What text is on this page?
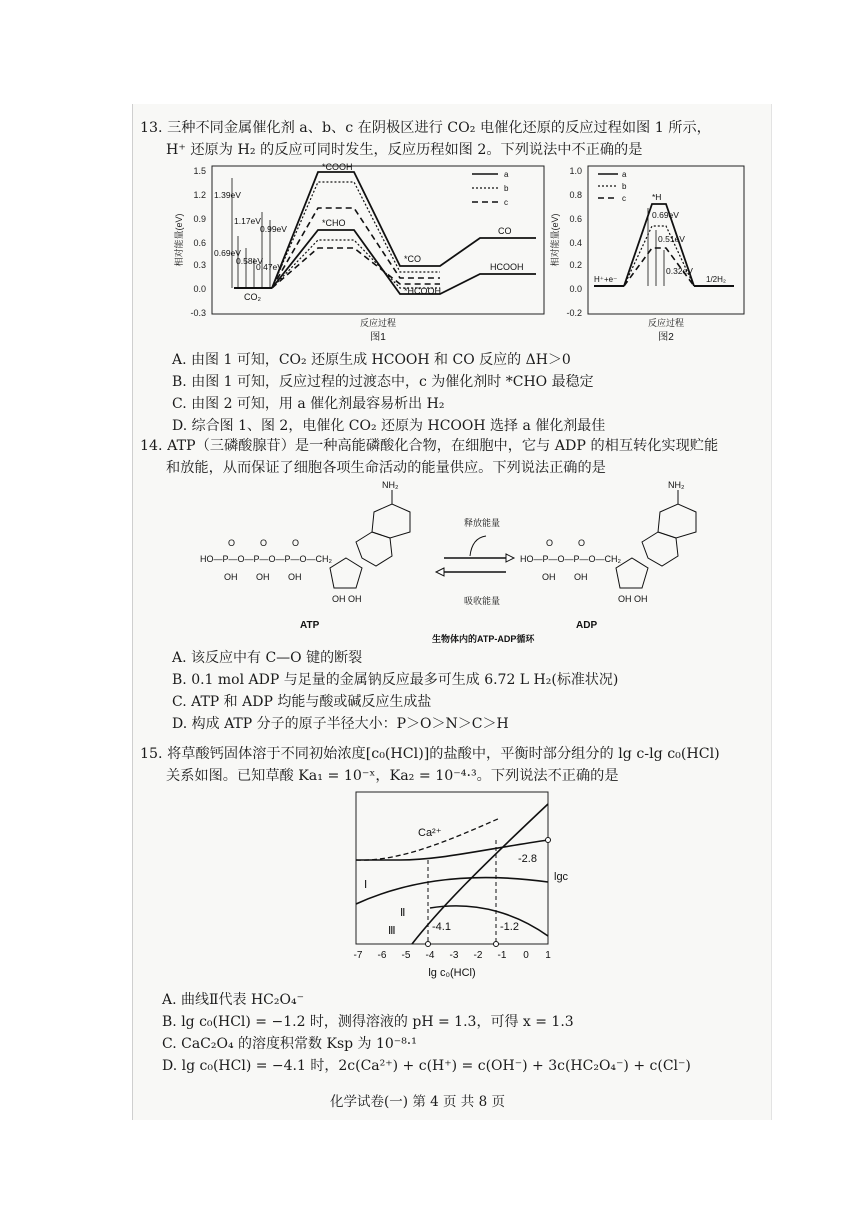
13. 三种不同金属催化剂 a、b、c 在阴极区进行 CO₂ 电催化还原的反应过程如图 1 所示，
H⁺ 还原为 H₂ 的反应可同时发生，反应历程如图 2。下列说法中不正确的是
1.5
1.2
0.9
0.6
0.3
0.0
-0.3
相对能量(eV)
*COOH
*CHO
*CO
*HCOOH
CO₂
CO
HCOOH
1.39eV
1.17eV
0.99eV
0.69eV
0.58eV
0.47eV
a
b
c
反应过程
图1
1.0
0.8
0.6
0.4
0.2
0.0
-0.2
相对能量(eV)
*H
H⁺+e⁻	1/2H₂
0.69eV
0.51eV
0.32eV
a
b
c
反应过程
图2
A. 由图 1 可知，CO₂ 还原生成 HCOOH 和 CO 反应的 ΔH＞0
B. 由图 1 可知，反应过程的过渡态中，c 为催化剂时 *CHO 最稳定
C. 由图 2 可知，用 a 催化剂最容易析出 H₂
D. 综合图 1、图 2，电催化 CO₂ 还原为 HCOOH 选择 a 催化剂最佳
14. ATP（三磷酸腺苷）是一种高能磷酸化合物，在细胞中，它与 ADP 的相互转化实现贮能
和放能，从而保证了细胞各项生命活动的能量供应。下列说法正确的是
HO—P—O—P—O—P—O—CH₂
O	O	O
OH OH OH
OH OH
NH₂
ATP
释放能量
吸收能量
HO—P—O—P—O—CH₂
O	O
OH OH
OH OH
NH₂
ADP
生物体内的ATP-ADP循环
A. 该反应中有 C—O 键的断裂
B. 0.1 mol ADP 与足量的金属钠反应最多可生成 6.72 L H₂(标准状况)
C. ATP 和 ADP 均能与酸或碱反应生成盐
D. 构成 ATP 分子的原子半径大小：P＞O＞N＞C＞H
15. 将草酸钙固体溶于不同初始浓度[c₀(HCl)]的盐酸中，平衡时部分组分的 lg c-lg c₀(HCl)
关系如图。已知草酸 Ka₁ = 10⁻ˣ，Ka₂ = 10⁻⁴·³。下列说法不正确的是
Ca²⁺
Ⅰ
Ⅱ
Ⅲ
-2.8
-4.1	-1.2
lgc
-7 -6 -5 -4 -3 -2 -1 0 1
lg c₀(HCl)
A. 曲线Ⅱ代表 HC₂O₄⁻
B. lg c₀(HCl) = −1.2 时，测得溶液的 pH = 1.3，可得 x = 1.3
C. CaC₂O₄ 的溶度积常数 Ksp 为 10⁻⁸·¹
D. lg c₀(HCl) = −4.1 时，2c(Ca²⁺) + c(H⁺) = c(OH⁻) + 3c(HC₂O₄⁻) + c(Cl⁻)
化学试卷(一) 第 4 页 共 8 页
